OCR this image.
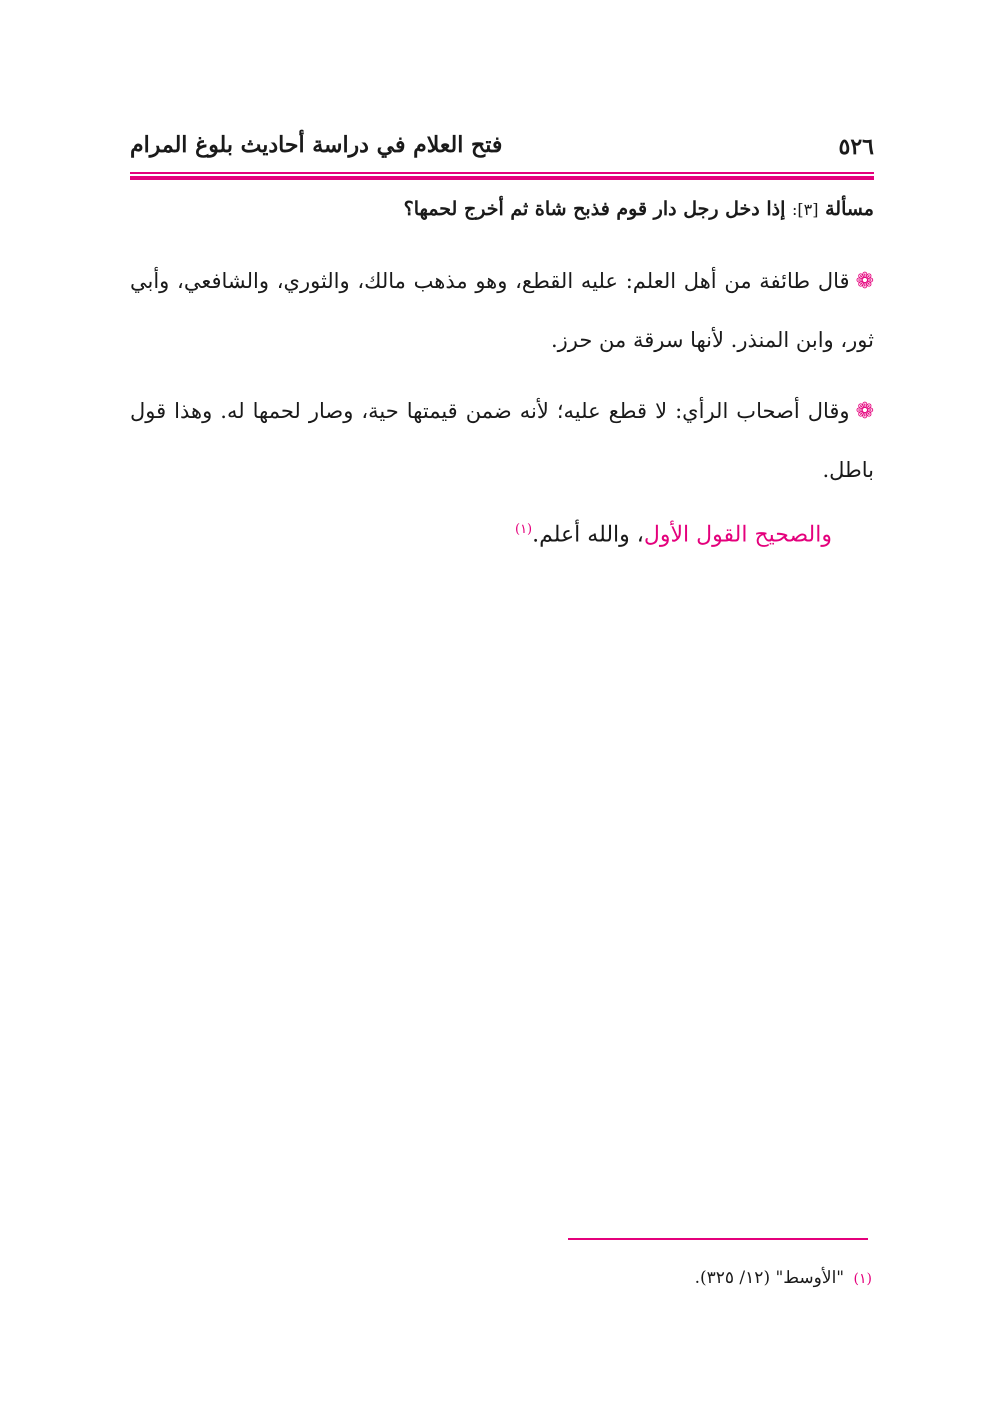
٥٢٦
فتح العلام في دراسة أحاديث بلوغ المرام
مسألة [٣]: إذا دخل رجل دار قوم فذبح شاة ثم أخرج لحمها؟
❁قال طائفة من أهل العلم: عليه القطع، وهو مذهب مالك، والثوري، والشافعي، وأبي ثور، وابن المنذر. لأنها سرقة من حرز.
❁وقال أصحاب الرأي: لا قطع عليه؛ لأنه ضمن قيمتها حية، وصار لحمها له. وهذا قول باطل.
والصحيح القول الأول، والله أعلم.$^{(١)}$
(١) "الأوسط" (١٢/ ٣٢٥).
